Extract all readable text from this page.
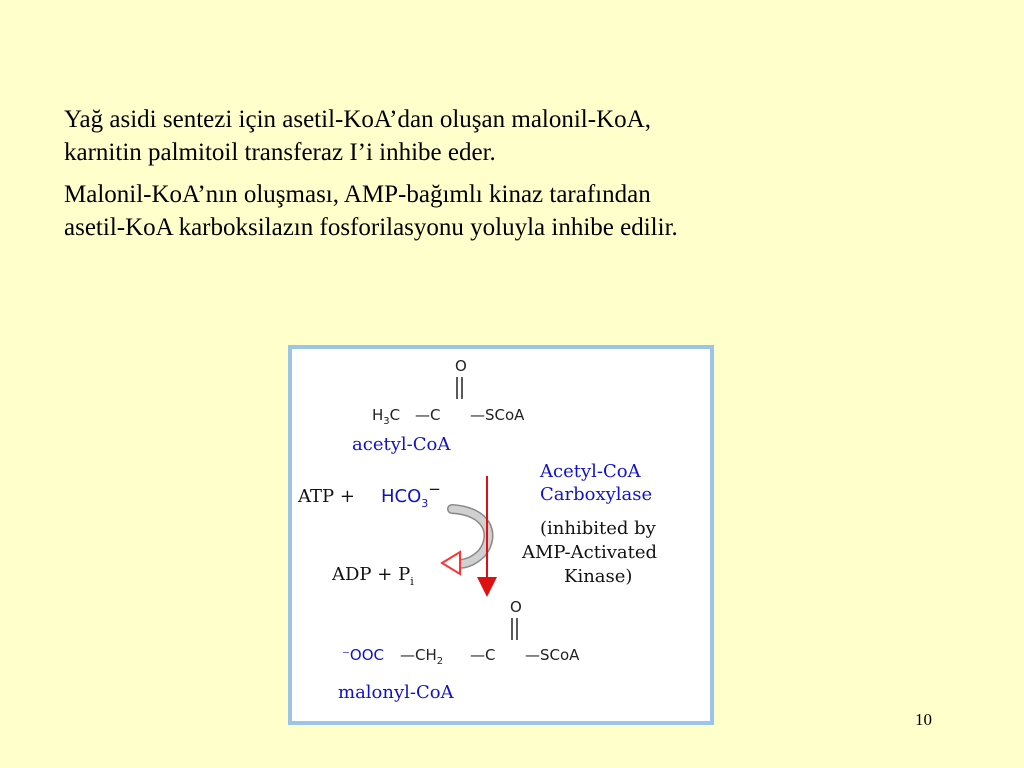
Yağ asidi sentezi için asetil-KoA’dan oluşan malonil-KoA,
karnitin palmitoil transferaz I’i inhibe eder.

Malonil-KoA’nın oluşması, AMP-bağımlı kinaz tarafından
asetil-KoA karboksilazın fosforilasyonu yoluyla inhibe edilir.

O
$H_3C$ —C —SCoA
acetyl-CoA
ATP + $HCO_3^-$
ADP + $P_i$
Acetyl-CoA
Carboxylase
(inhibited by
AMP-Activated
Kinase)
O
⁻OOC $—CH_2$ —C —SCoA
malonyl-CoA
10
